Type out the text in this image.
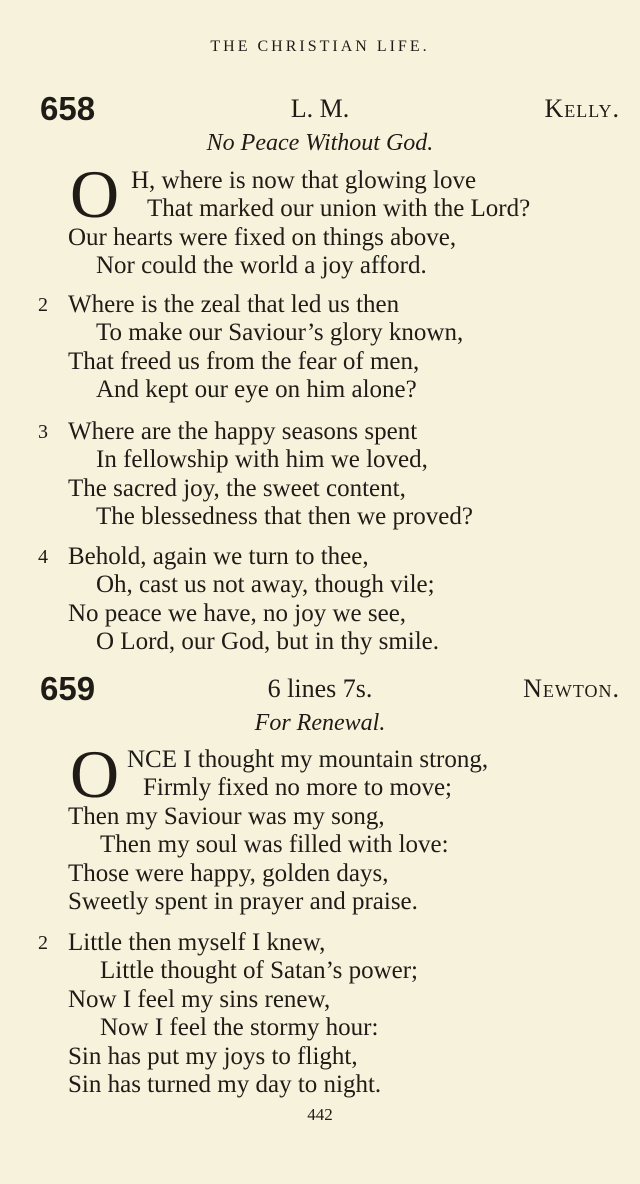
THE CHRISTIAN LIFE.
658	L. M.	Kelly.
No Peace Without God.
O H, where is now that glowing love
That marked our union with the Lord?
Our hearts were fixed on things above,
Nor could the world a joy afford.
2 Where is the zeal that led us then
To make our Saviour’s glory known,
That freed us from the fear of men,
And kept our eye on him alone?
3 Where are the happy seasons spent
In fellowship with him we loved,
The sacred joy, the sweet content,
The blessedness that then we proved?
4 Behold, again we turn to thee,
Oh, cast us not away, though vile;
No peace we have, no joy we see,
O Lord, our God, but in thy smile.
659	6 lines 7s.	Newton.
For Renewal.
O NCE I thought my mountain strong,
Firmly fixed no more to move;
Then my Saviour was my song,
Then my soul was filled with love:
Those were happy, golden days,
Sweetly spent in prayer and praise.
2 Little then myself I knew,
Little thought of Satan’s power;
Now I feel my sins renew,
Now I feel the stormy hour:
Sin has put my joys to flight,
Sin has turned my day to night.
442
